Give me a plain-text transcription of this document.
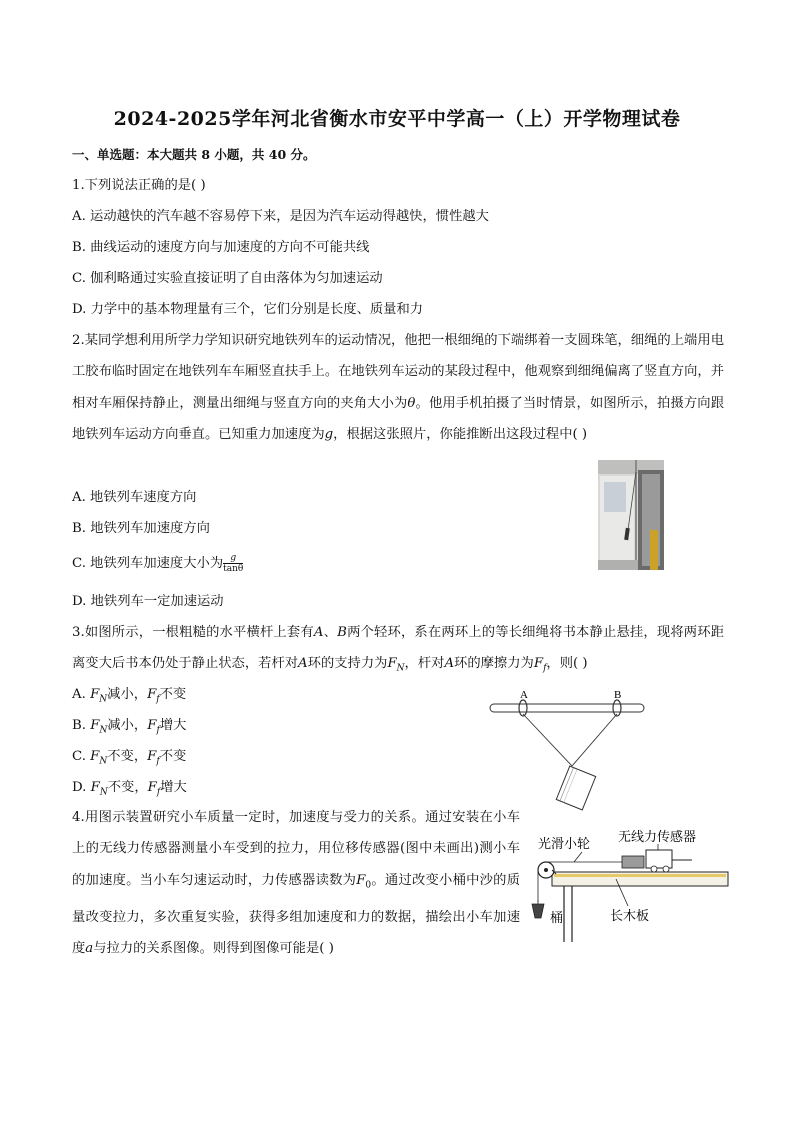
2024-2025学年河北省衡水市安平中学高一（上）开学物理试卷
一、单选题：本大题共 8 小题，共 40 分。
1.下列说法正确的是( )
A. 运动越快的汽车越不容易停下来，是因为汽车运动得越快，惯性越大
B. 曲线运动的速度方向与加速度的方向不可能共线
C. 伽利略通过实验直接证明了自由落体为匀加速运动
D. 力学中的基本物理量有三个，它们分别是长度、质量和力
2.某同学想利用所学力学知识研究地铁列车的运动情况，他把一根细绳的下端绑着一支圆珠笔，细绳的上端用电工胶布临时固定在地铁列车车厢竖直扶手上。在地铁列车运动的某段过程中，他观察到细绳偏离了竖直方向，并相对车厢保持静止，测量出细绳与竖直方向的夹角大小为θ。他用手机拍摄了当时情景，如图所示，拍摄方向跟地铁列车运动方向垂直。已知重力加速度为g，根据这张照片，你能推断出这段过程中( )
A. 地铁列车速度方向
B. 地铁列车加速度方向
C. 地铁列车加速度大小为 $\frac{g}{\tan\theta}$
D. 地铁列车一定加速运动
3.如图所示，一根粗糙的水平横杆上套有A、B两个轻环，系在两环上的等长细绳将书本静止悬挂，现将两环距离变大后书本仍处于静止状态，若杆对A环的支持力为$F_N$，杆对A环的摩擦力为$F_f$，则( )
A. $F_N$减小，$F_f$不变
B. $F_N$减小，$F_f$增大
C. $F_N$不变，$F_f$不变
D. $F_N$不变，$F_f$增大
A	B
4.用图示装置研究小车质量一定时，加速度与受力的关系。通过安装在小车上的无线力传感器测量小车受到的拉力，用位移传感器(图中未画出)测小车的加速度。当小车匀速运动时，力传感器读数为$F_0$。通过改变小桶中沙的质量改变拉力，多次重复实验，获得多组加速度和力的数据，描绘出小车加速度a与拉力的关系图像。则得到图像可能是( )
光滑小轮 无线力传感器
桶	长木板
